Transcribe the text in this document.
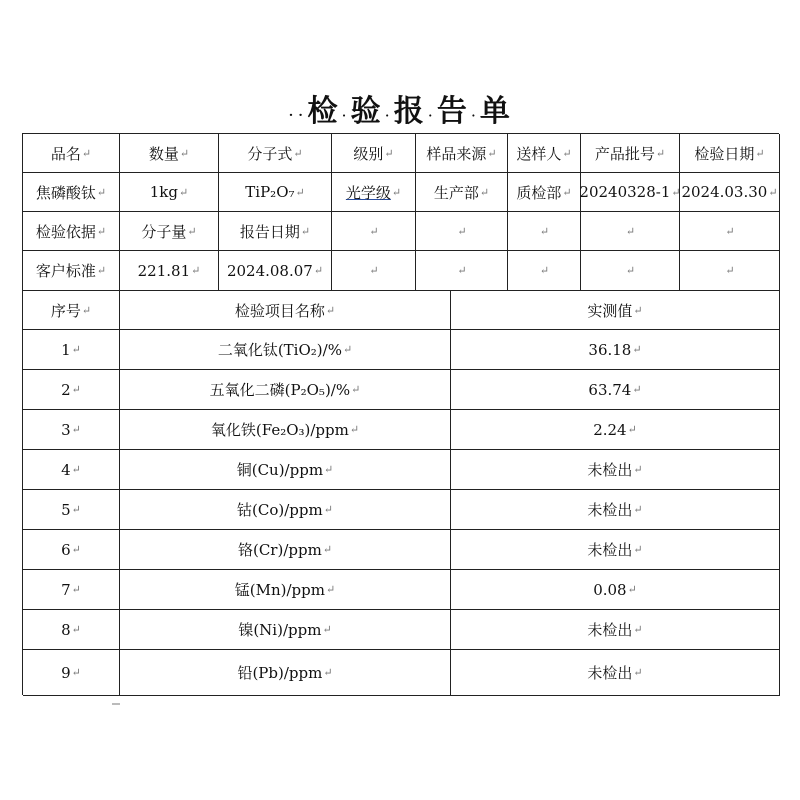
··检 ·验 ·报 ·告 ·单
品名 ↵	数量 ↵	分子式 ↵	级别 ↵ 样品来源 ↵ 送样人 ↵ 产品批号 ↵ 检验日期 ↵
焦磷酸钛 ↵	1kg ↵	TiP₂O₇ ↵	光学级 ↵ 生产部 ↵ 质检部 ↵ 20240328-1 ↵ 2024.03.30 ↵
检验依据 ↵ 分子量 ↵	报告日期 ↵	↵	↵	↵	↵	↵
客户标准 ↵ 221.81 ↵ 2024.08.07 ↵	↵	↵	↵	↵	↵
序号 ↵	检验项目名称 ↵	实测值 ↵
1 ↵	二氧化钛(TiO₂)/% ↵	36.18 ↵
2 ↵	五氧化二磷(P₂O₅)/% ↵	63.74 ↵
3 ↵	氧化铁(Fe₂O₃)/ppm ↵	2.24 ↵
4 ↵	铜(Cu)/ppm ↵	未检出 ↵
5 ↵	钴(Co)/ppm ↵	未检出 ↵
6 ↵	铬(Cr)/ppm ↵	未检出 ↵
7 ↵	锰(Mn)/ppm ↵	0.08 ↵
8 ↵	镍(Ni)/ppm ↵	未检出 ↵
9 ↵	铅(Pb)/ppm ↵	未检出 ↵
